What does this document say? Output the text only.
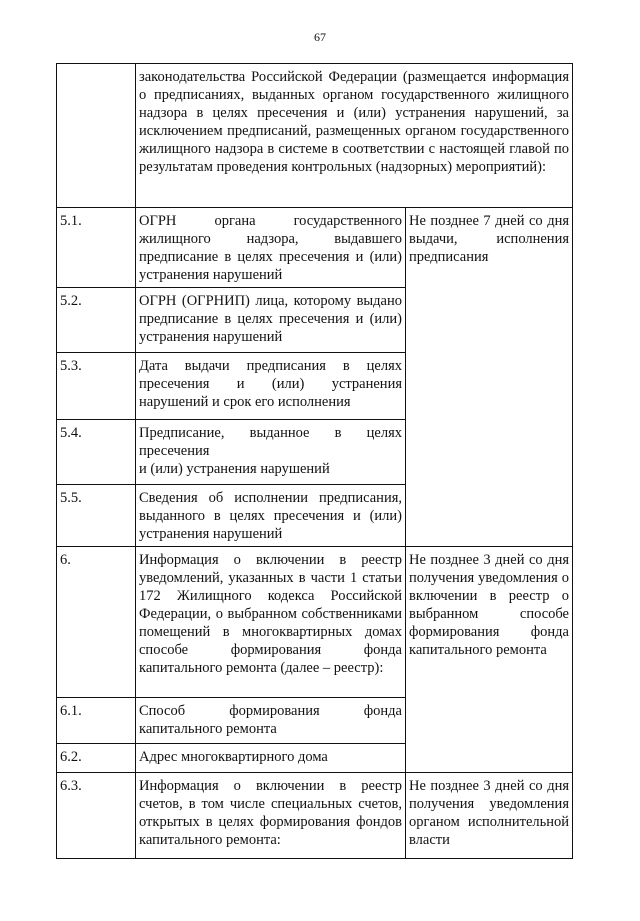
67
	законодательства Российской Федерации (размещается информация о предписаниях, выданных органом государственного жилищного надзора в целях пресечения и (или) устранения нарушений, за исключением предписаний, размещенных органом государственного жилищного надзора в системе в соответствии с настоящей главой по результатам проведения контрольных (надзорных) мероприятий):	
5.1.	ОГРН органа государственного жилищного надзора, выдавшего предписание в целях пресечения и (или) устранения нарушений	Не позднее 7 дней со дня выдачи, исполнения предписания
5.2.	ОГРН (ОГРНИП) лица, которому выдано предписание в целях пресечения и (или) устранения нарушений	
5.3.	Дата выдачи предписания в целях пресечения и (или) устранения нарушений и срок его исполнения	
5.4.	Предписание, выданное в целях пресечения
и (или) устранения нарушений	

5.5.	Сведения об исполнении предписания, выданного в целях пресечения и (или) устранения нарушений	
6.	Информация о включении в реестр уведомлений, указанных в части 1 статьи 172 Жилищного кодекса Российской Федерации, о выбранном собственниками помещений в многоквартирных домах способе формирования фонда капитального ремонта (далее – реестр):	Не позднее 3 дней со дня получения уведомления о включении в реестр о выбранном способе формирования фонда капитального ремонта
6.1.	Способ формирования фонда капитального ремонта	
6.2.	Адрес многоквартирного дома	
6.3.	Информация о включении в реестр счетов, в том числе специальных счетов, открытых в целях формирования фондов капитального ремонта:	Не позднее 3 дней со дня получения уведомления органом исполнительной власти
